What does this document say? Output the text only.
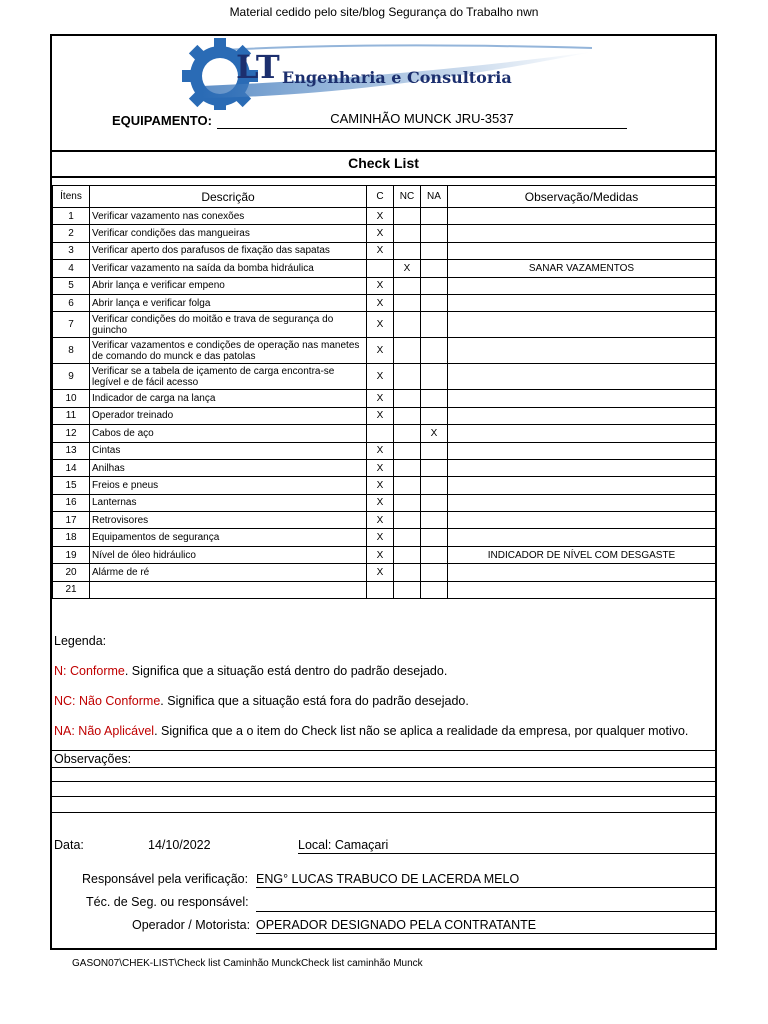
Material cedido pelo site/blog Segurança do Trabalho nwn
LT Engenharia e Consultoria
EQUIPAMENTO:	CAMINHÃO MUNCK JRU-3537
Check List
Ítens	Descrição	C	NC	NA	Observação/Medidas
1	Verificar vazamento nas conexões	X			
2	Verificar condições das mangueiras	X			
3	Verificar aperto dos parafusos de fixação das sapatas	X			
4	Verificar vazamento na saída da bomba hidráulica		X		SANAR VAZAMENTOS
5	Abrir lança e verificar empeno	X			
6	Abrir lança e verificar folga	X			
7	Verificar condições do moitão e trava de segurança do guincho	X			
8	Verificar vazamentos e condições de operação nas manetes de comando do munck e das patolas	X			
9	Verificar se a tabela de içamento de carga encontra-se legível e de fácil acesso	X			
10	Indicador de carga na lança	X			
11	Operador treinado	X			
12	Cabos de aço			X	
13	Cintas	X			
14	Anilhas	X			
15	Freios e pneus	X			
16	Lanternas	X			
17	Retrovisores	X			
18	Equipamentos de segurança	X			
19	Nível de óleo hidráulico	X			INDICADOR DE NÍVEL COM DESGASTE
20	Alárme de ré	X			
21					
Legenda:
N: Conforme. Significa que a situação está dentro do padrão desejado.
NC: Não Conforme. Significa que a situação está fora do padrão desejado.
NA: Não Aplicável. Significa que a o item do Check list não se aplica a realidade da empresa, por qualquer motivo.
Observações:
Data:	14/10/2022	Local: Camaçari
Responsável pela verificação: ENG° LUCAS TRABUCO DE LACERDA MELO
Téc. de Seg. ou responsável:
Operador / Motorista: OPERADOR DESIGNADO PELA CONTRATANTE
GASON07\CHEK-LIST\Check list Caminhão MunckCheck list caminhão Munck
